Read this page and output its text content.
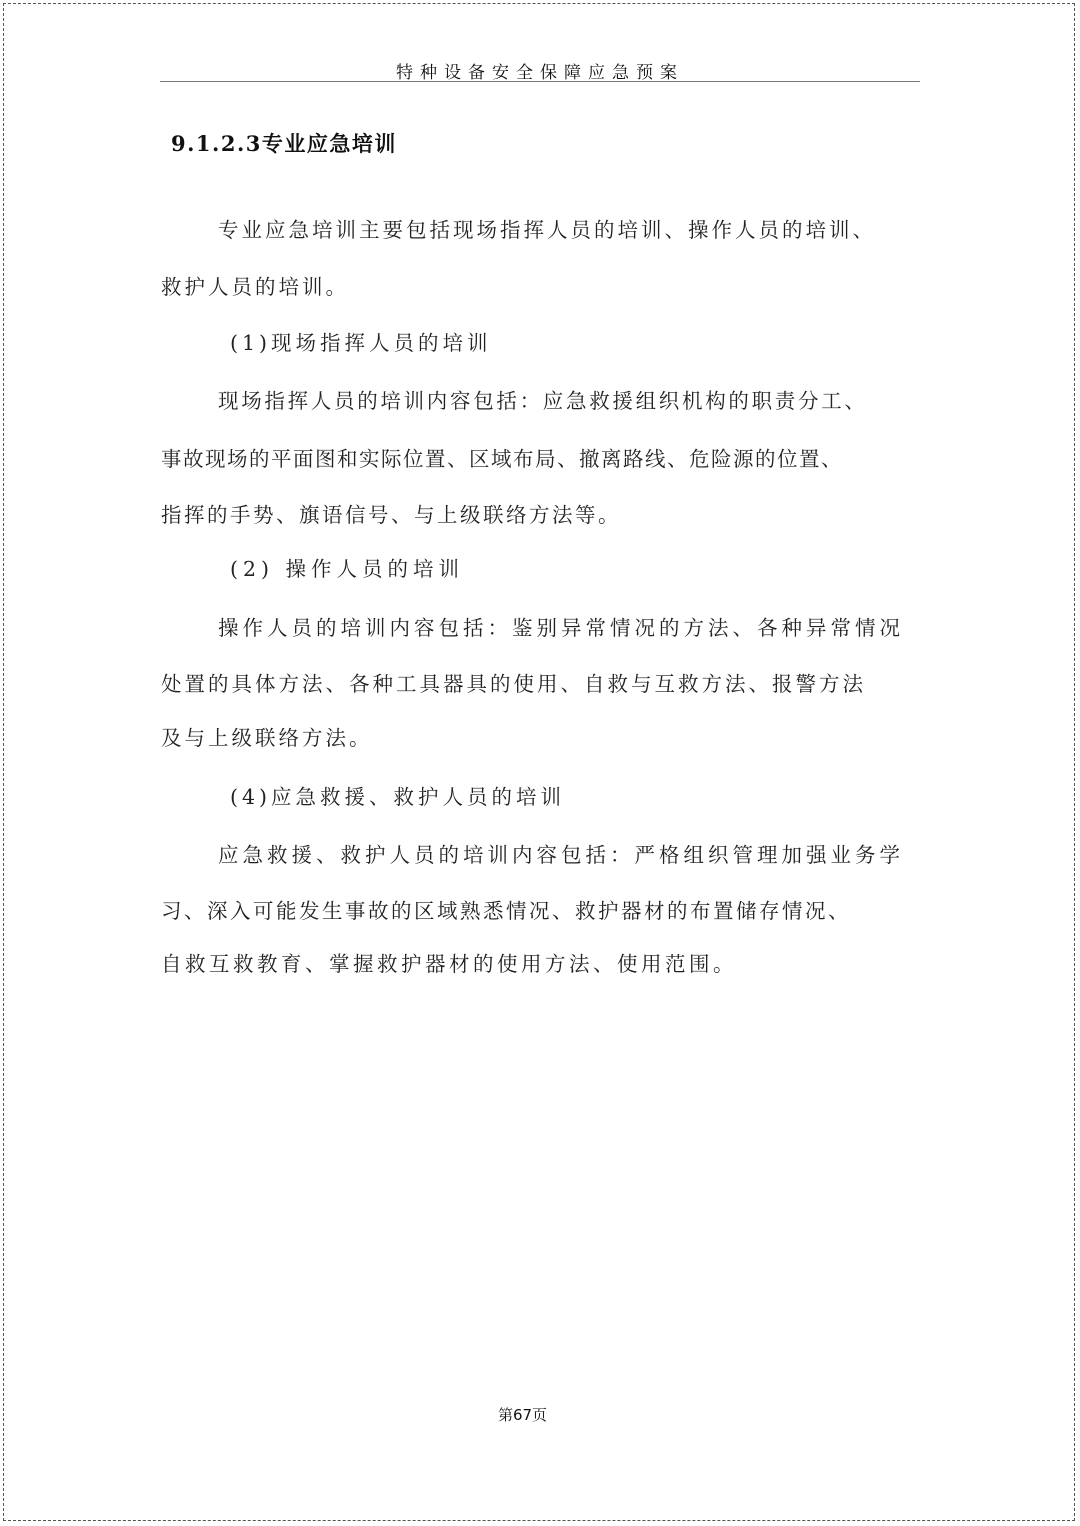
特种设备安全保障应急预案
9.1.2.3专业应急培训
专业应急培训主要包括现场指挥人员的培训、操作人员的培训、
救护人员的培训。
(1)现场指挥人员的培训
现场指挥人员的培训内容包括：应急救援组织机构的职责分工、
事故现场的平面图和实际位置、区域布局、撤离路线、危险源的位置、
指挥的手势、旗语信号、与上级联络方法等。
(2) 操作人员的培训
操作人员的培训内容包括：鉴别异常情况的方法、各种异常情况
处置的具体方法、各种工具器具的使用、自救与互救方法、报警方法
及与上级联络方法。
(4)应急救援、救护人员的培训
应急救援、救护人员的培训内容包括：严格组织管理加强业务学
习、深入可能发生事故的区域熟悉情况、救护器材的布置储存情况、
自救互救教育、掌握救护器材的使用方法、使用范围。
第67页
